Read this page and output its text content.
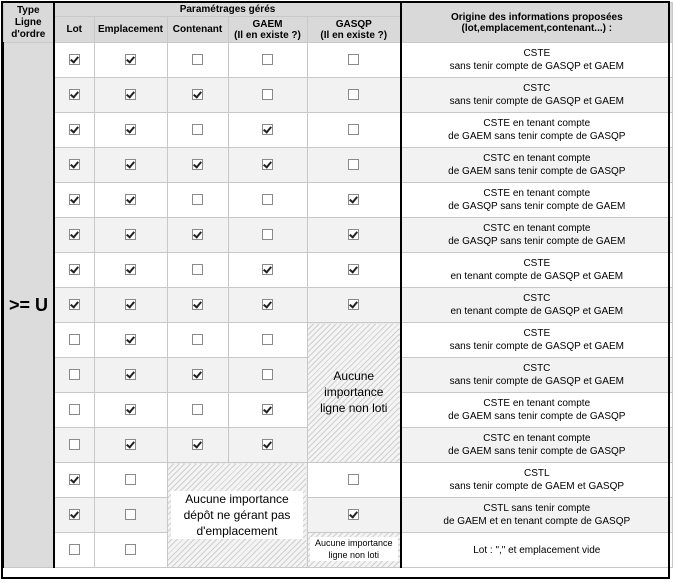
Type Ligne d'ordre	Paramétrages gérés					Origine des informations proposées (lot,emplacement,contenant...) :
	Lot	Emplacement	Contenant	GAEM
(Il en existe ?)	GASQP
(Il en existe ?)	
>= U						CSTE
sans tenir compte de GASQP et GAEM

						CSTC
sans tenir compte de GASQP et GAEM

						CSTE en tenant compte
de GAEM sans tenir compte de GASQP

						CSTC en tenant compte
de GAEM sans tenir compte de GASQP

						CSTE en tenant compte
de GASQP sans tenir compte de GAEM

						CSTC en tenant compte
de GASQP sans tenir compte de GAEM

						CSTE
en tenant compte de GASQP et GAEM

						CSTC
en tenant compte de GASQP et GAEM

					Aucune importance ligne non loti	CSTE
sans tenir compte de GASQP et GAEM

						CSTC
sans tenir compte de GASQP et GAEM

						CSTE en tenant compte
de GAEM sans tenir compte de GASQP

						CSTC en tenant compte
de GAEM sans tenir compte de GASQP

			Aucune importance dépôt ne gérant pas d'emplacement			CSTL
sans tenir compte de GAEM et GASQP

						CSTL sans tenir compte
de GAEM et en tenant compte de GASQP

					Aucune importance ligne non loti	Lot : "," et emplacement vide
